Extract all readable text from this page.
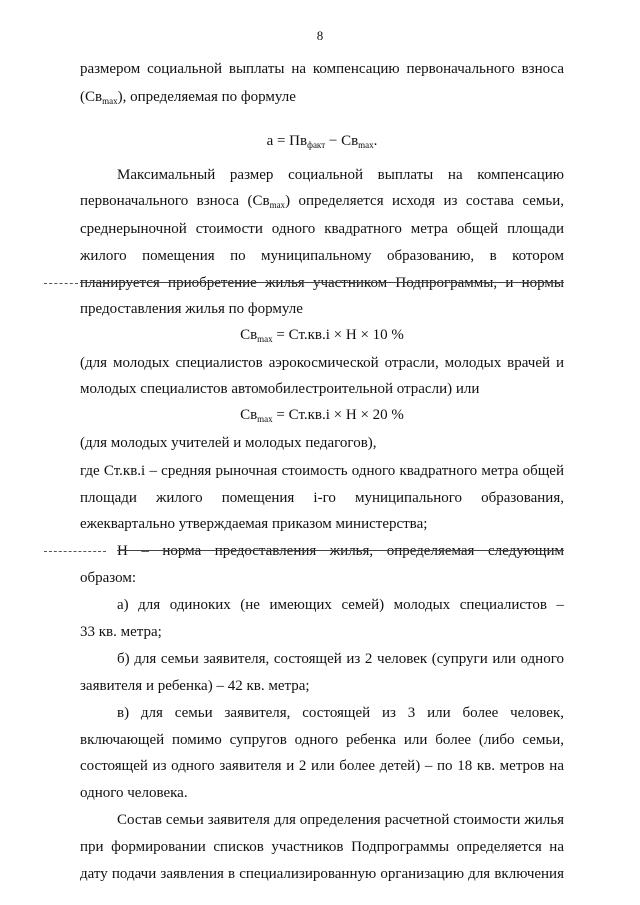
8
размером социальной выплаты на компенсацию первоначального взноса
$(Св_{max})$, определяемая по формуле
$a = Пв_{факт} - Св_{max}$.
Максимальный размер социальной выплаты на компенсацию
первоначального взноса $(Св_{max})$ определяется исходя из состава семьи,
среднерыночной стоимости одного квадратного метра общей площади
жилого помещения по муниципальному образованию, в котором
планируется приобретение жилья участником Подпрограммы, и нормы
предоставления жилья по формуле
$Св_{max} = Ст.кв.i \times Н \times 10$ %
(для молодых специалистов аэрокосмической отрасли, молодых врачей и
молодых специалистов автомобилестроительной отрасли) или
$Св_{max} = Ст.кв.i \times Н \times 20$ %
(для молодых учителей и молодых педагогов),
где Ст.кв.i – средняя рыночная стоимость одного квадратного метра общей
площади жилого помещения i-го муниципального образования,
ежеквартально утверждаемая приказом министерства;
Н – норма предоставления жилья, определяемая следующим
образом:
а) для одиноких (не имеющих семей) молодых специалистов –
33 кв. метра;
б) для семьи заявителя, состоящей из 2 человек (супруги или одного
заявителя и ребенка) – 42 кв. метра;
в) для семьи заявителя, состоящей из 3 или более человек,
включающей помимо супругов одного ребенка или более (либо семьи,
состоящей из одного заявителя и 2 или более детей) – по 18 кв. метров на
одного человека.
Состав семьи заявителя для определения расчетной стоимости жилья
при формировании списков участников Подпрограммы определяется на
дату подачи заявления в специализированную организацию для включения
